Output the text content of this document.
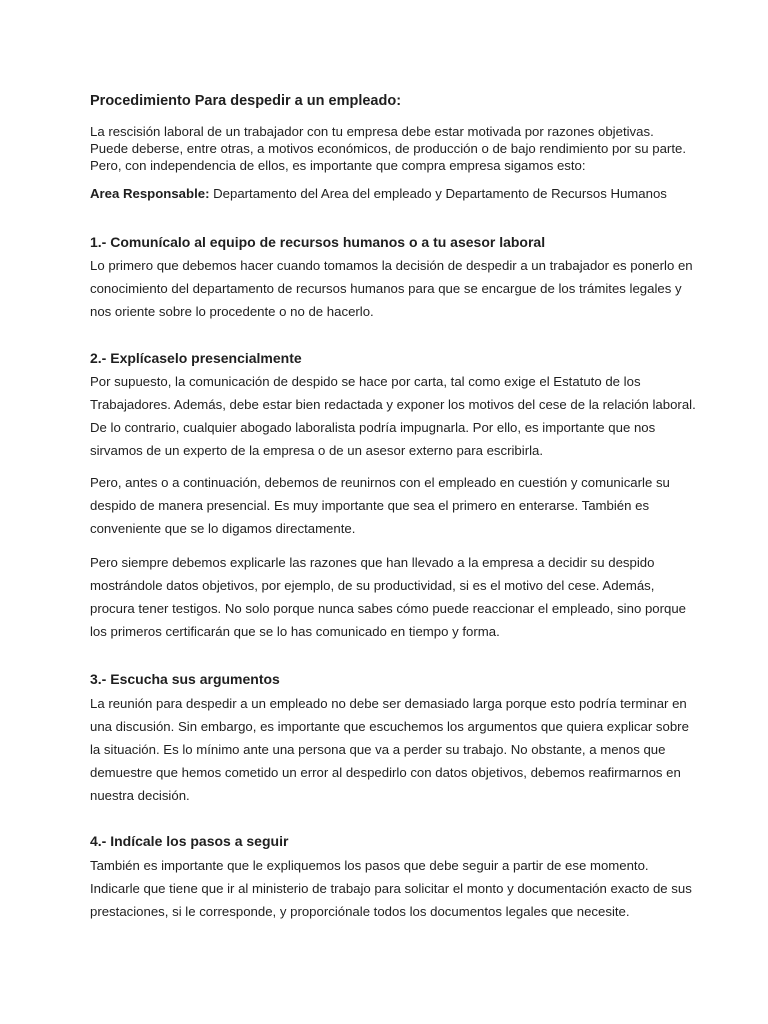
Procedimiento Para despedir a un empleado:

La rescisión laboral de un trabajador con tu empresa debe estar motivada por razones objetivas.
Puede deberse, entre otras, a motivos económicos, de producción o de bajo rendimiento por su parte.
Pero, con independencia de ellos, es importante que compra empresa sigamos esto:

Area Responsable: Departamento del Area del empleado y Departamento de Recursos Humanos

1.- Comunícalo al equipo de recursos humanos o a tu asesor laboral

Lo primero que debemos hacer cuando tomamos la decisión de despedir a un trabajador es ponerlo en
conocimiento del departamento de recursos humanos para que se encargue de los trámites legales y
nos oriente sobre lo procedente o no de hacerlo.

2.- Explícaselo presencialmente

Por supuesto, la comunicación de despido se hace por carta, tal como exige el Estatuto de los
Trabajadores. Además, debe estar bien redactada y exponer los motivos del cese de la relación laboral.
De lo contrario, cualquier abogado laboralista podría impugnarla. Por ello, es importante que nos
sirvamos de un experto de la empresa o de un asesor externo para escribirla.

Pero, antes o a continuación, debemos de reunirnos con el empleado en cuestión y comunicarle su
despido de manera presencial. Es muy importante que sea el primero en enterarse. También es
conveniente que se lo digamos directamente.

Pero siempre debemos explicarle las razones que han llevado a la empresa a decidir su despido
mostrándole datos objetivos, por ejemplo, de su productividad, si es el motivo del cese. Además,
procura tener testigos. No solo porque nunca sabes cómo puede reaccionar el empleado, sino porque
los primeros certificarán que se lo has comunicado en tiempo y forma.

3.- Escucha sus argumentos

La reunión para despedir a un empleado no debe ser demasiado larga porque esto podría terminar en
una discusión. Sin embargo, es importante que escuchemos los argumentos que quiera explicar sobre
la situación. Es lo mínimo ante una persona que va a perder su trabajo. No obstante, a menos que
demuestre que hemos cometido un error al despedirlo con datos objetivos, debemos reafirmarnos en
nuestra decisión.

4.- Indícale los pasos a seguir

También es importante que le expliquemos los pasos que debe seguir a partir de ese momento.
Indicarle que tiene que ir al ministerio de trabajo para solicitar el monto y documentación exacto de sus
prestaciones, si le corresponde, y proporciónale todos los documentos legales que necesite.
